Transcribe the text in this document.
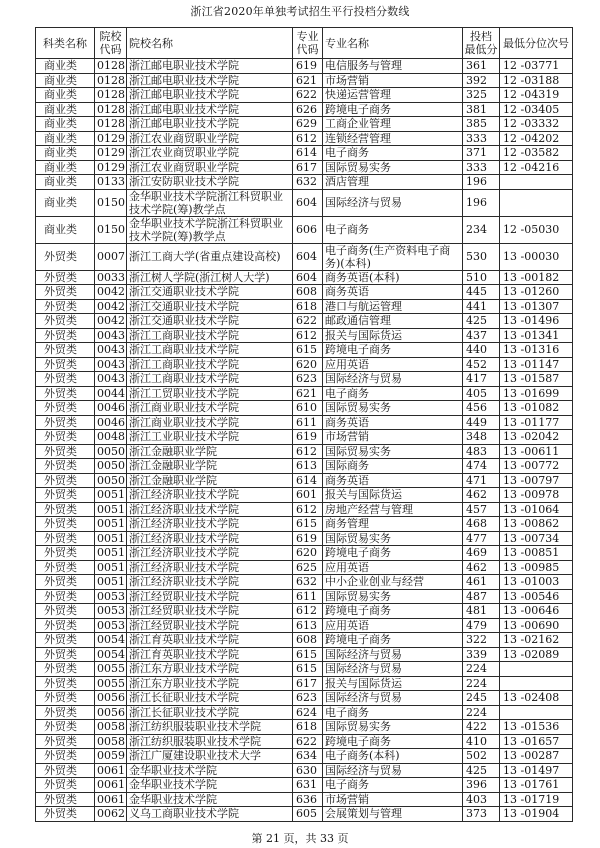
浙江省2020年单独考试招生平行投档分数线
科类名称	院校
代码	院校名称	专业
代码	专业名称	投档
最低分	最低分位次号
商业类	0128	浙江邮电职业技术学院	619	电信服务与管理	361	12 -03771
商业类	0128	浙江邮电职业技术学院	621	市场营销	392	12 -03188
商业类	0128	浙江邮电职业技术学院	622	快递运营管理	325	12 -04319
商业类	0128	浙江邮电职业技术学院	626	跨境电子商务	381	12 -03405
商业类	0128	浙江邮电职业技术学院	629	工商企业管理	385	12 -03332
商业类	0129	浙江农业商贸职业学院	612	连锁经营管理	333	12 -04202
商业类	0129	浙江农业商贸职业学院	614	电子商务	371	12 -03582
商业类	0129	浙江农业商贸职业学院	617	国际贸易实务	333	12 -04216
商业类	0133	浙江安防职业技术学院	632	酒店管理	196	
商业类	0150	金华职业技术学院浙江科贸职业技术学院(筹)教学点	604	国际经济与贸易	196	
商业类	0150	金华职业技术学院浙江科贸职业技术学院(筹)教学点	606	电子商务	234	12 -05030
外贸类	0007	浙江工商大学(省重点建设高校)	604	电子商务(生产资料电子商务)(本科)	530	13 -00030
外贸类	0033	浙江树人学院(浙江树人大学)	604	商务英语(本科)	510	13 -00182
外贸类	0042	浙江交通职业技术学院	608	商务英语	445	13 -01260
外贸类	0042	浙江交通职业技术学院	618	港口与航运管理	441	13 -01307
外贸类	0042	浙江交通职业技术学院	622	邮政通信管理	425	13 -01496
外贸类	0043	浙江工商职业技术学院	612	报关与国际货运	437	13 -01341
外贸类	0043	浙江工商职业技术学院	615	跨境电子商务	440	13 -01316
外贸类	0043	浙江工商职业技术学院	620	应用英语	452	13 -01147
外贸类	0043	浙江工商职业技术学院	623	国际经济与贸易	417	13 -01587
外贸类	0044	浙江工贸职业技术学院	621	电子商务	405	13 -01699
外贸类	0046	浙江商业职业技术学院	610	国际贸易实务	456	13 -01082
外贸类	0046	浙江商业职业技术学院	611	商务英语	449	13 -01177
外贸类	0048	浙江工业职业技术学院	619	市场营销	348	13 -02042
外贸类	0050	浙江金融职业学院	612	国际贸易实务	483	13 -00611
外贸类	0050	浙江金融职业学院	613	国际商务	474	13 -00772
外贸类	0050	浙江金融职业学院	614	商务英语	471	13 -00797
外贸类	0051	浙江经济职业技术学院	601	报关与国际货运	462	13 -00978
外贸类	0051	浙江经济职业技术学院	612	房地产经营与管理	457	13 -01064
外贸类	0051	浙江经济职业技术学院	615	商务管理	468	13 -00862
外贸类	0051	浙江经济职业技术学院	619	国际贸易实务	477	13 -00734
外贸类	0051	浙江经济职业技术学院	620	跨境电子商务	469	13 -00851
外贸类	0051	浙江经济职业技术学院	625	应用英语	462	13 -00985
外贸类	0051	浙江经济职业技术学院	632	中小企业创业与经营	461	13 -01003
外贸类	0053	浙江经贸职业技术学院	611	国际贸易实务	487	13 -00546
外贸类	0053	浙江经贸职业技术学院	612	跨境电子商务	481	13 -00646
外贸类	0053	浙江经贸职业技术学院	613	应用英语	479	13 -00690
外贸类	0054	浙江育英职业技术学院	608	跨境电子商务	322	13 -02162
外贸类	0054	浙江育英职业技术学院	615	国际经济与贸易	339	13 -02089
外贸类	0055	浙江东方职业技术学院	615	国际经济与贸易	224	
外贸类	0055	浙江东方职业技术学院	617	报关与国际货运	224	
外贸类	0056	浙江长征职业技术学院	623	国际经济与贸易	245	13 -02408
外贸类	0056	浙江长征职业技术学院	624	电子商务	224	
外贸类	0058	浙江纺织服装职业技术学院	618	国际贸易实务	422	13 -01536
外贸类	0058	浙江纺织服装职业技术学院	622	跨境电子商务	410	13 -01657
外贸类	0059	浙江广厦建设职业技术大学	634	电子商务(本科)	502	13 -00287
外贸类	0061	金华职业技术学院	630	国际经济与贸易	425	13 -01497
外贸类	0061	金华职业技术学院	631	电子商务	396	13 -01761
外贸类	0061	金华职业技术学院	636	市场营销	403	13 -01719
外贸类	0062	义乌工商职业技术学院	605	会展策划与管理	373	13 -01904
第 21 页，共 33 页
